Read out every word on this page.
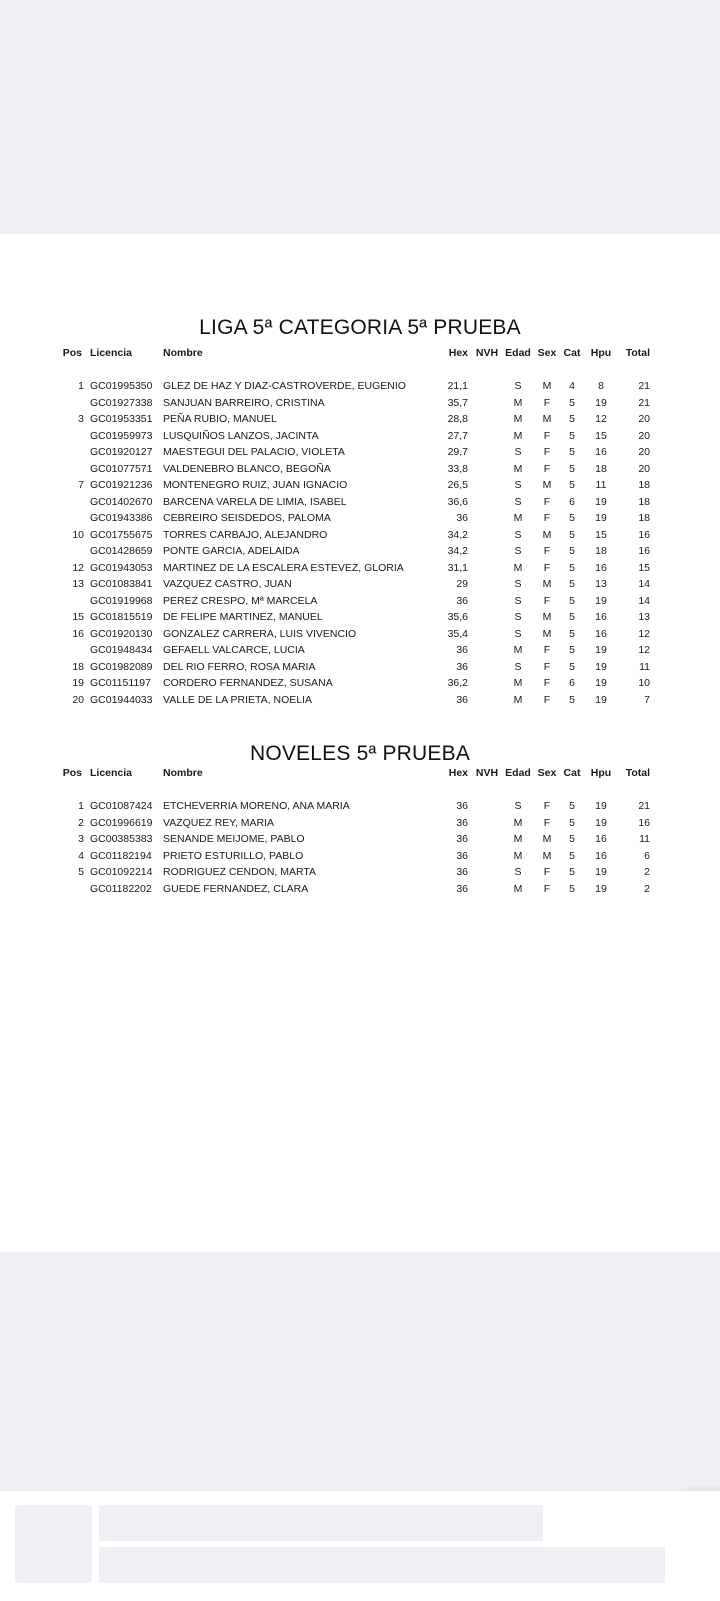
LIGA 5ª CATEGORIA 5ª PRUEBA
Pos Licencia	Nombre	Hex NVH Edad Sex Cat Hpu	Total
1 GC01995350 GLEZ DE HAZ Y DIAZ-CASTROVERDE, EUGENIO	21,1	S	M	4	8	21
GC01927338 SANJUAN BARREIRO, CRISTINA	35,7	M	F	5	19	21
3 GC01953351 PEÑA RUBIO, MANUEL	28,8	M	M	5	12	20
GC01959973 LUSQUIÑOS LANZOS, JACINTA	27,7	M	F	5	15	20
GC01920127 MAESTEGUI DEL PALACIO, VIOLETA	29,7	S	F	5	16	20
GC01077571 VALDENEBRO BLANCO, BEGOÑA	33,8	M	F	5	18	20
7 GC01921236 MONTENEGRO RUIZ, JUAN IGNACIO	26,5	S	M	5	11	18
GC01402670 BARCENA VARELA DE LIMIA, ISABEL	36,6	S	F	6	19	18
GC01943386 CEBREIRO SEISDEDOS, PALOMA	36	M	F	5	19	18
10 GC01755675 TORRES CARBAJO, ALEJANDRO	34,2	S	M	5	15	16
GC01428659 PONTE GARCIA, ADELAIDA	34,2	S	F	5	18	16
12 GC01943053 MARTINEZ DE LA ESCALERA ESTEVEZ, GLORIA	31,1	M	F	5	16	15
13 GC01083841 VAZQUEZ CASTRO, JUAN	29	S	M	5	13	14
GC01919968 PEREZ CRESPO, Mª MARCELA	36	S	F	5	19	14
15 GC01815519 DE FELIPE MARTINEZ, MANUEL	35,6	S	M	5	16	13
16 GC01920130 GONZALEZ CARRERA, LUIS VIVENCIO	35,4	S	M	5	16	12
GC01948434 GEFAELL VALCARCE, LUCIA	36	M	F	5	19	12
18 GC01982089 DEL RIO FERRO, ROSA MARIA	36	S	F	5	19	11
19 GC01151197 CORDERO FERNANDEZ, SUSANA	36,2	M	F	6	19	10
20 GC01944033 VALLE DE LA PRIETA, NOELIA	36	M	F	5	19	7
NOVELES 5ª PRUEBA
Pos Licencia	Nombre	Hex NVH Edad Sex Cat Hpu	Total
1 GC01087424 ETCHEVERRIA MORENO, ANA MARIA	36	S	F	5	19	21
2 GC01996619 VAZQUEZ REY, MARIA	36	M	F	5	19	16
3 GC00385383 SENANDE MEIJOME, PABLO	36	M	M	5	16	11
4 GC01182194 PRIETO ESTURILLO, PABLO	36	M	M	5	16	6
5 GC01092214 RODRIGUEZ CENDON, MARTA	36	S	F	5	19	2
GC01182202 GUEDE FERNANDEZ, CLARA	36	M	F	5	19	2
